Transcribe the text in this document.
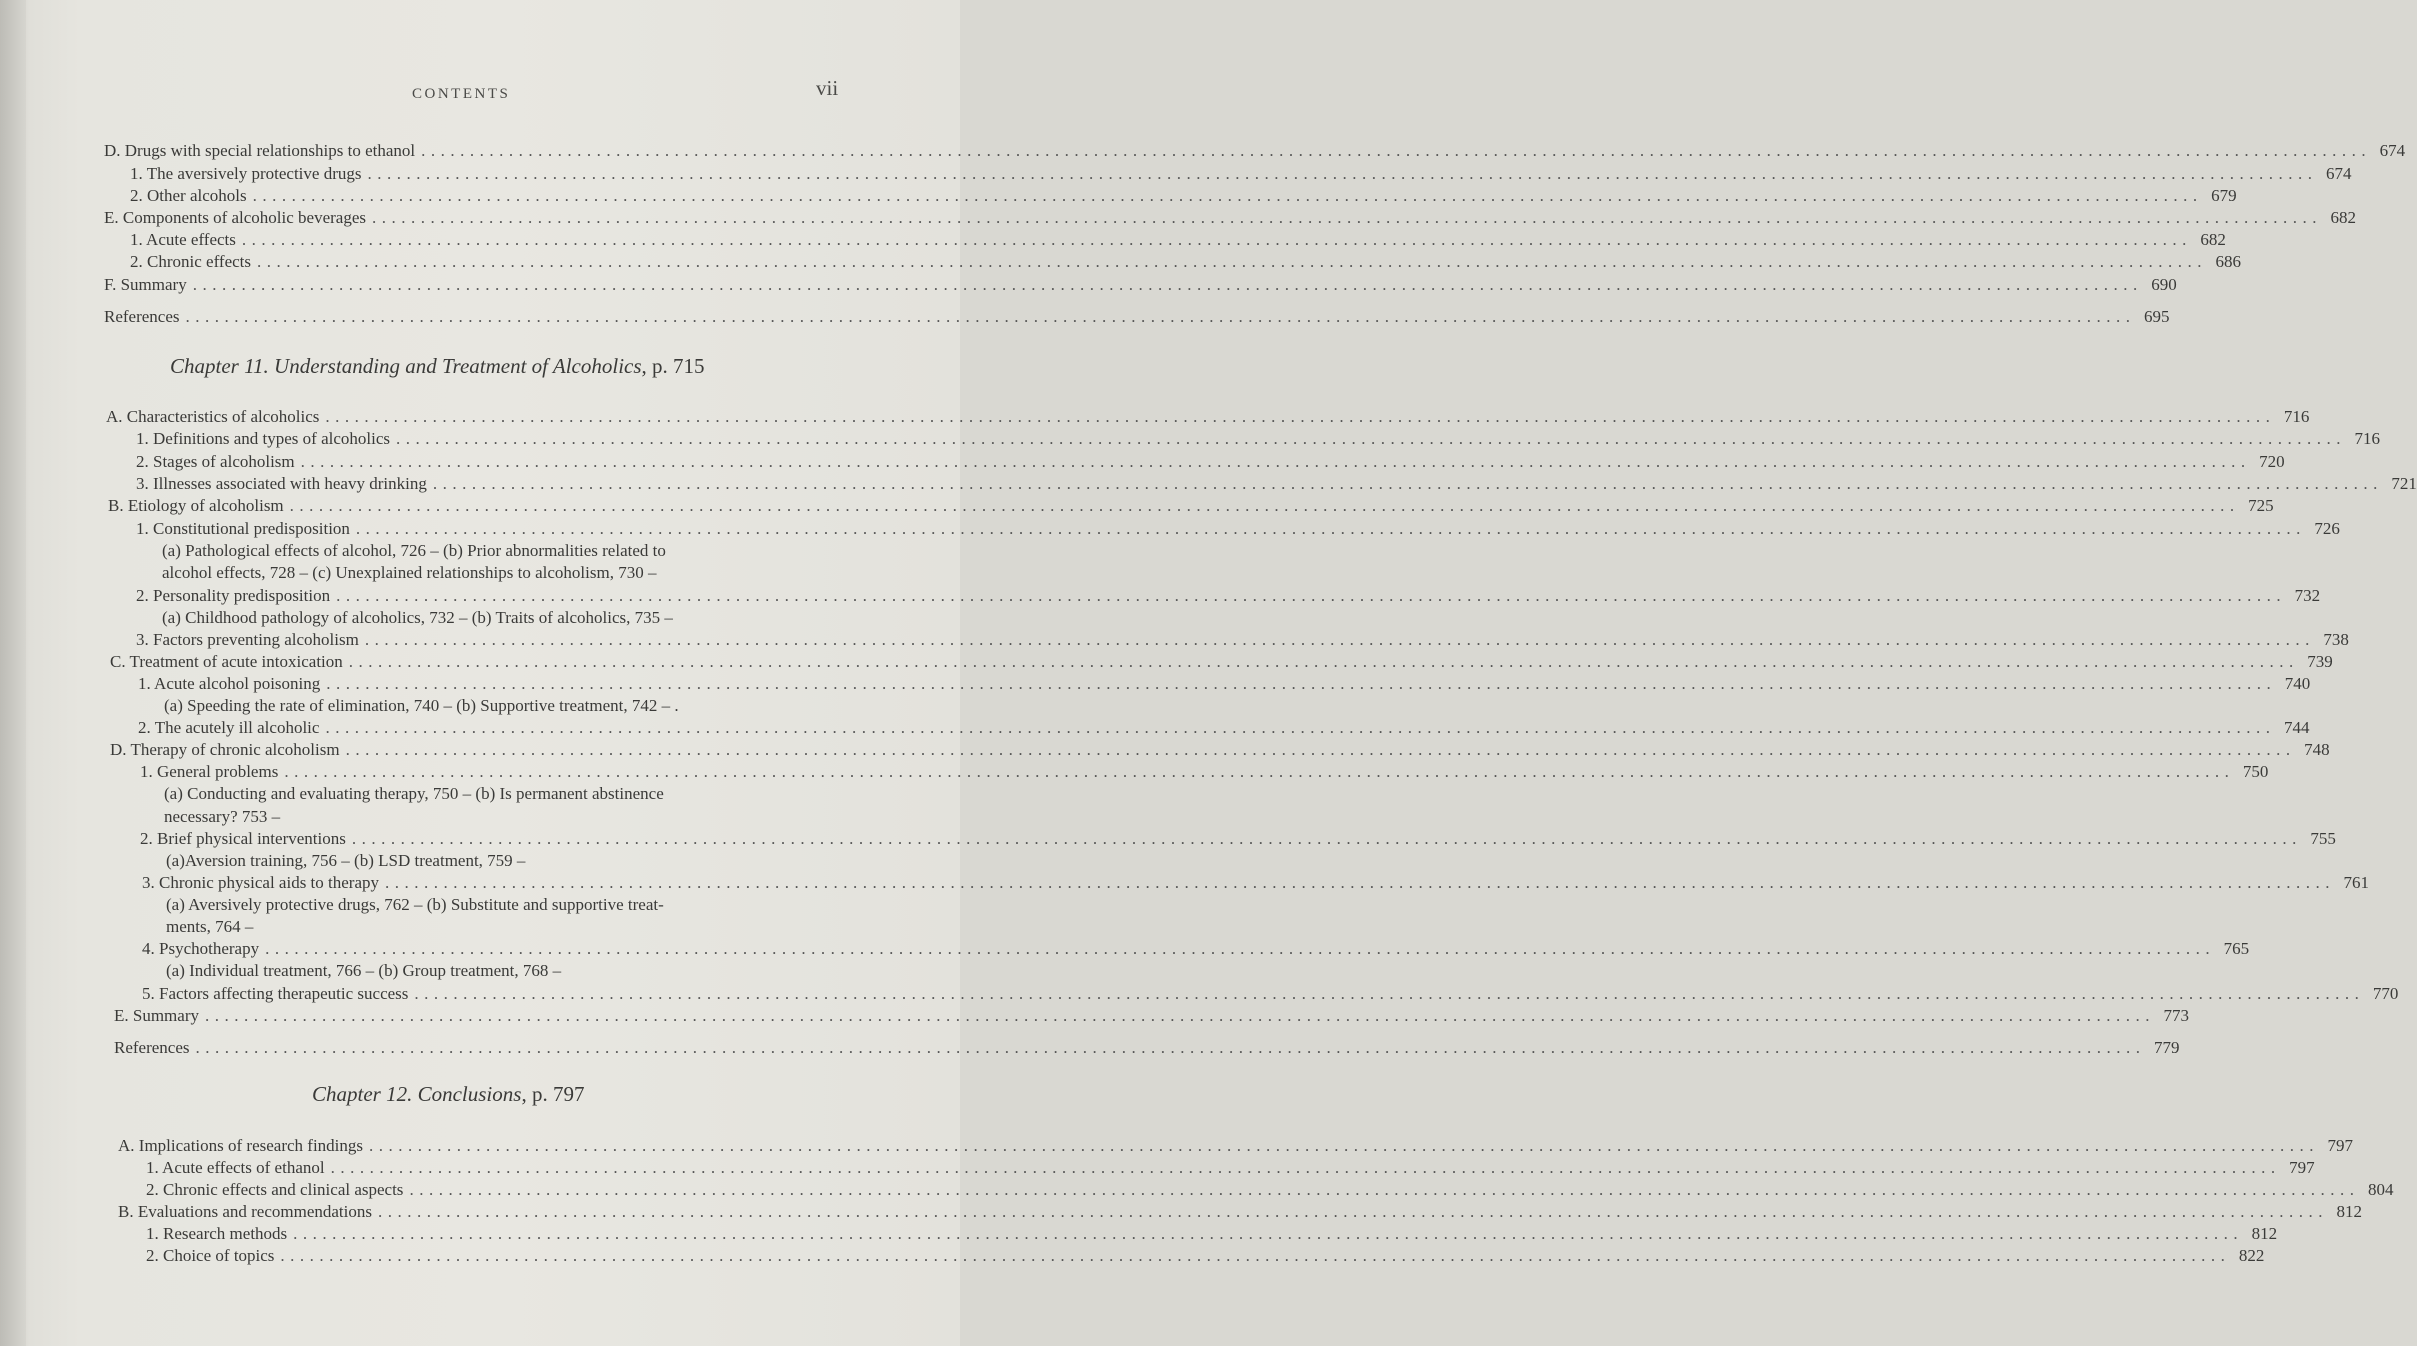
CONTENTS	vii
D. Drugs with special relationships to ethanol ........................................................................................................................................................................................................ 674
1. The aversively protective drugs ........................................................................................................................................................................................................ 674
2. Other alcohols ........................................................................................................................................................................................................ 679
E. Components of alcoholic beverages ........................................................................................................................................................................................................ 682
1. Acute effects ........................................................................................................................................................................................................ 682
2. Chronic effects ........................................................................................................................................................................................................ 686
F. Summary ........................................................................................................................................................................................................ 690
References ........................................................................................................................................................................................................ 695
Chapter 11. Understanding and Treatment of Alcoholics, p. 715
A. Characteristics of alcoholics ........................................................................................................................................................................................................ 716
1. Definitions and types of alcoholics ........................................................................................................................................................................................................ 716
2. Stages of alcoholism ........................................................................................................................................................................................................ 720
3. Illnesses associated with heavy drinking ........................................................................................................................................................................................................ 721
B. Etiology of alcoholism ........................................................................................................................................................................................................ 725
1. Constitutional predisposition ........................................................................................................................................................................................................ 726
(a) Pathological effects of alcohol, 726 – (b) Prior abnormalities related to
alcohol effects, 728 – (c) Unexplained relationships to alcoholism, 730 –
2. Personality predisposition ........................................................................................................................................................................................................ 732
(a) Childhood pathology of alcoholics, 732 – (b) Traits of alcoholics, 735 –
3. Factors preventing alcoholism ........................................................................................................................................................................................................ 738
C. Treatment of acute intoxication ........................................................................................................................................................................................................ 739
1. Acute alcohol poisoning ........................................................................................................................................................................................................ 740
(a) Speeding the rate of elimination, 740 – (b) Supportive treatment, 742 – .
2. The acutely ill alcoholic ........................................................................................................................................................................................................ 744
D. Therapy of chronic alcoholism ........................................................................................................................................................................................................ 748
1. General problems ........................................................................................................................................................................................................ 750
(a) Conducting and evaluating therapy, 750 – (b) Is permanent abstinence
necessary? 753 –
2. Brief physical interventions ........................................................................................................................................................................................................ 755
(a)Aversion training, 756 – (b) LSD treatment, 759 –
3. Chronic physical aids to therapy ........................................................................................................................................................................................................ 761
(a) Aversively protective drugs, 762 – (b) Substitute and supportive treat-
ments, 764 –
4. Psychotherapy ........................................................................................................................................................................................................ 765
(a) Individual treatment, 766 – (b) Group treatment, 768 –
5. Factors affecting therapeutic success ........................................................................................................................................................................................................ 770
E. Summary ........................................................................................................................................................................................................ 773
References ........................................................................................................................................................................................................ 779
Chapter 12. Conclusions, p. 797
A. Implications of research findings ........................................................................................................................................................................................................ 797
1. Acute effects of ethanol ........................................................................................................................................................................................................ 797
2. Chronic effects and clinical aspects ........................................................................................................................................................................................................ 804
B. Evaluations and recommendations ........................................................................................................................................................................................................ 812
1. Research methods ........................................................................................................................................................................................................ 812
2. Choice of topics ........................................................................................................................................................................................................ 822
